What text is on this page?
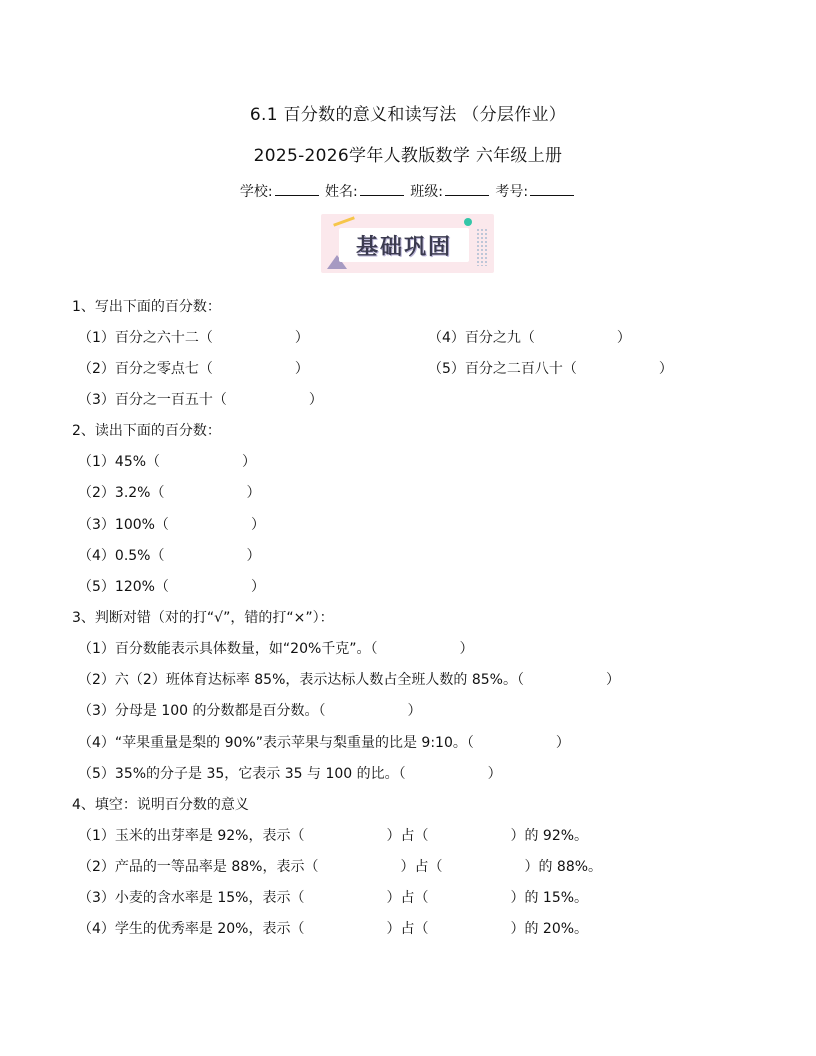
6.1 百分数的意义和读写法 （分层作业）
2025-2026学年人教版数学 六年级上册
学校:	姓名:	班级:	考号:
基础巩固
1、写出下面的百分数：
（1）百分之六十二（	）	（4）百分之九（	）
（2）百分之零点七（	）	（5）百分之二百八十（	）
（3）百分之一百五十（	）
2、读出下面的百分数：
（1）45%（	）
（2）3.2%（	）
（3）100%（	）
（4）0.5%（	）
（5）120%（	）
3、判断对错（对的打“√”，错的打“×”）：
（1）百分数能表示具体数量，如“20%千克”。（	）
（2）六（2）班体育达标率 85%，表示达标人数占全班人数的 85%。（	）
（3）分母是 100 的分数都是百分数。（	）
（4）“苹果重量是梨的 90%”表示苹果与梨重量的比是 9:10。（	）
（5）35%的分子是 35，它表示 35 与 100 的比。（	）
4、填空：说明百分数的意义
（1）玉米的出芽率是 92%，表示（	）占（	）的 92%。
（2）产品的一等品率是 88%，表示（	）占（	）的 88%。
（3）小麦的含水率是 15%，表示（	）占（	）的 15%。
（4）学生的优秀率是 20%，表示（	）占（	）的 20%。
